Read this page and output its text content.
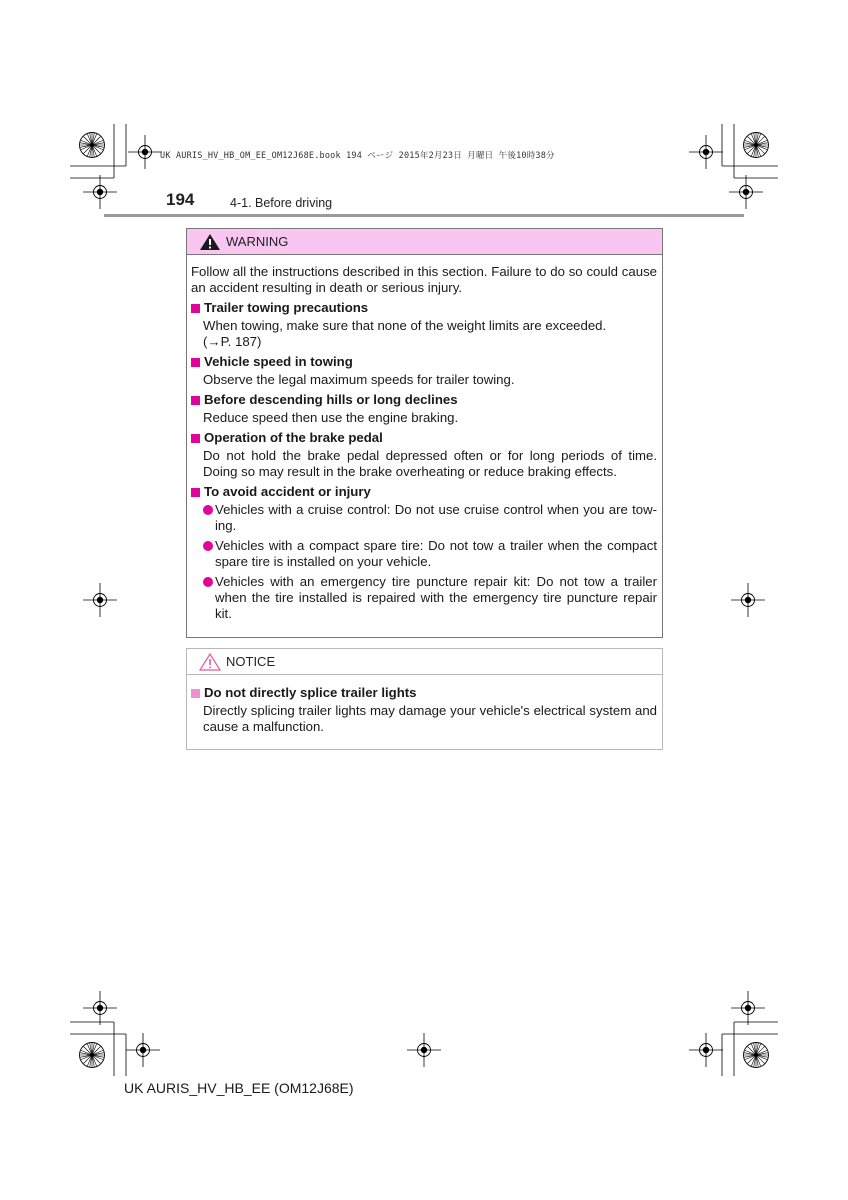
UK AURIS_HV_HB_OM_EE_OM12J68E.book 194 ページ 2015年2月23日 月曜日 午後10時38分
194	4-1. Before driving
WARNING

Follow all the instructions described in this section. Failure to do so could cause an accident resulting in death or serious injury.

Trailer towing precautions

When towing, make sure that none of the weight limits are exceeded.
(→P. 187)

Vehicle speed in towing

Observe the legal maximum speeds for trailer towing.

Before descending hills or long declines

Reduce speed then use the engine braking.

Operation of the brake pedal

Do not hold the brake pedal depressed often or for long periods of time. Doing so may result in the brake overheating or reduce braking effects.

To avoid accident or injury

Vehicles with a cruise control: Do not use cruise control when you are tow-ing.
Vehicles with a compact spare tire: Do not tow a trailer when the compact spare tire is installed on your vehicle.
Vehicles with an emergency tire puncture repair kit: Do not tow a trailer when the tire installed is repaired with the emergency tire puncture repair kit.
NOTICE

Do not directly splice trailer lights

Directly splicing trailer lights may damage your vehicle's electrical system and cause a malfunction.
UK AURIS_HV_HB_EE (OM12J68E)
